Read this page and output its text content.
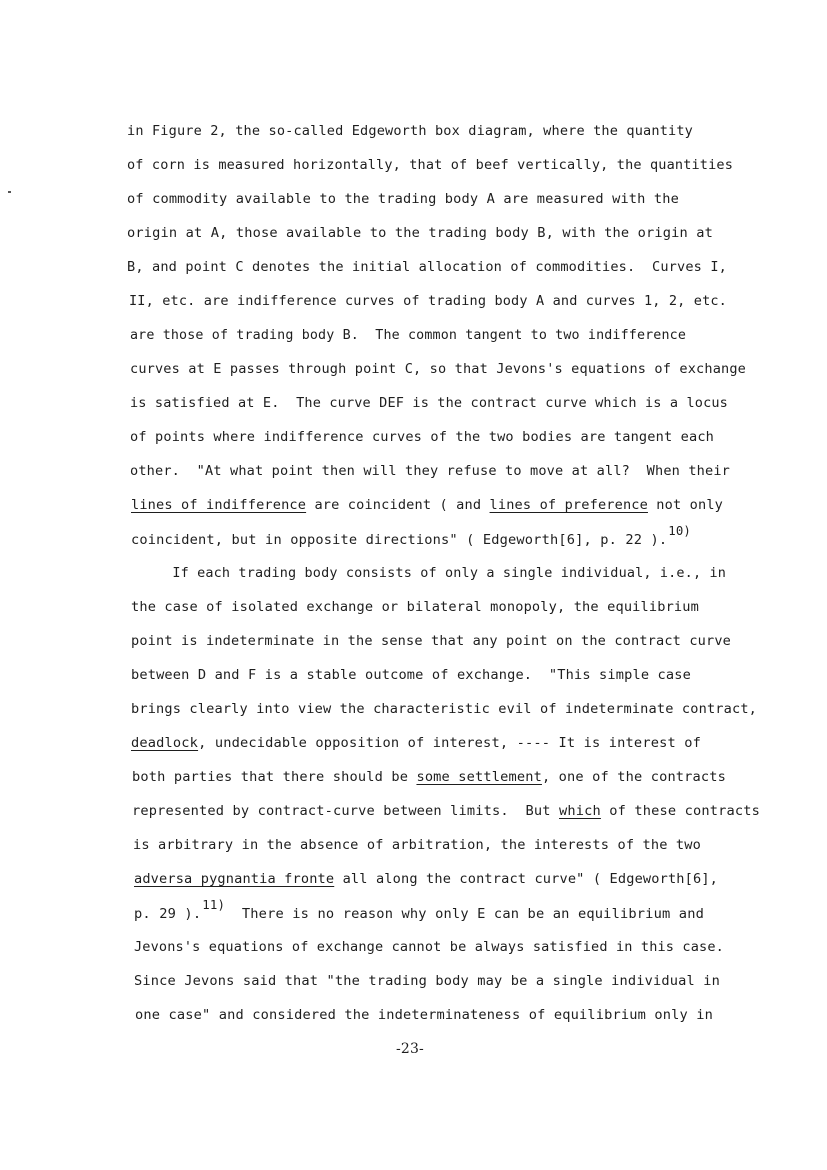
in Figure 2, the so-called Edgeworth box diagram, where the quantity
of corn is measured horizontally, that of beef vertically, the quantities
of commodity available to the trading body A are measured with the
origin at A, those available to the trading body B, with the origin at
B, and point C denotes the initial allocation of commodities.  Curves I,
II, etc. are indifference curves of trading body A and curves 1, 2, etc.
are those of trading body B.  The common tangent to two indifference
curves at E passes through point C, so that Jevons's equations of exchange
is satisfied at E.  The curve DEF is the contract curve which is a locus
of points where indifference curves of the two bodies are tangent each
other.  "At what point then will they refuse to move at all?  When their
lines of indifference are coincident ( and lines of preference not only
coincident, but in opposite directions" ( Edgeworth[6], p. 22 ).10)
If each trading body consists of only a single individual, i.e., in
the case of isolated exchange or bilateral monopoly, the equilibrium
point is indeterminate in the sense that any point on the contract curve
between D and F is a stable outcome of exchange.  "This simple case
brings clearly into view the characteristic evil of indeterminate contract,
deadlock, undecidable opposition of interest, ---- It is interest of
both parties that there should be some settlement, one of the contracts
represented by contract-curve between limits.  But which of these contracts
is arbitrary in the absence of arbitration, the interests of the two
adversa pygnantia fronte all along the contract curve" ( Edgeworth[6],
p. 29 ).11)  There is no reason why only E can be an equilibrium and
Jevons's equations of exchange cannot be always satisfied in this case.
Since Jevons said that "the trading body may be a single individual in
one case" and considered the indeterminateness of equilibrium only in
-23-
